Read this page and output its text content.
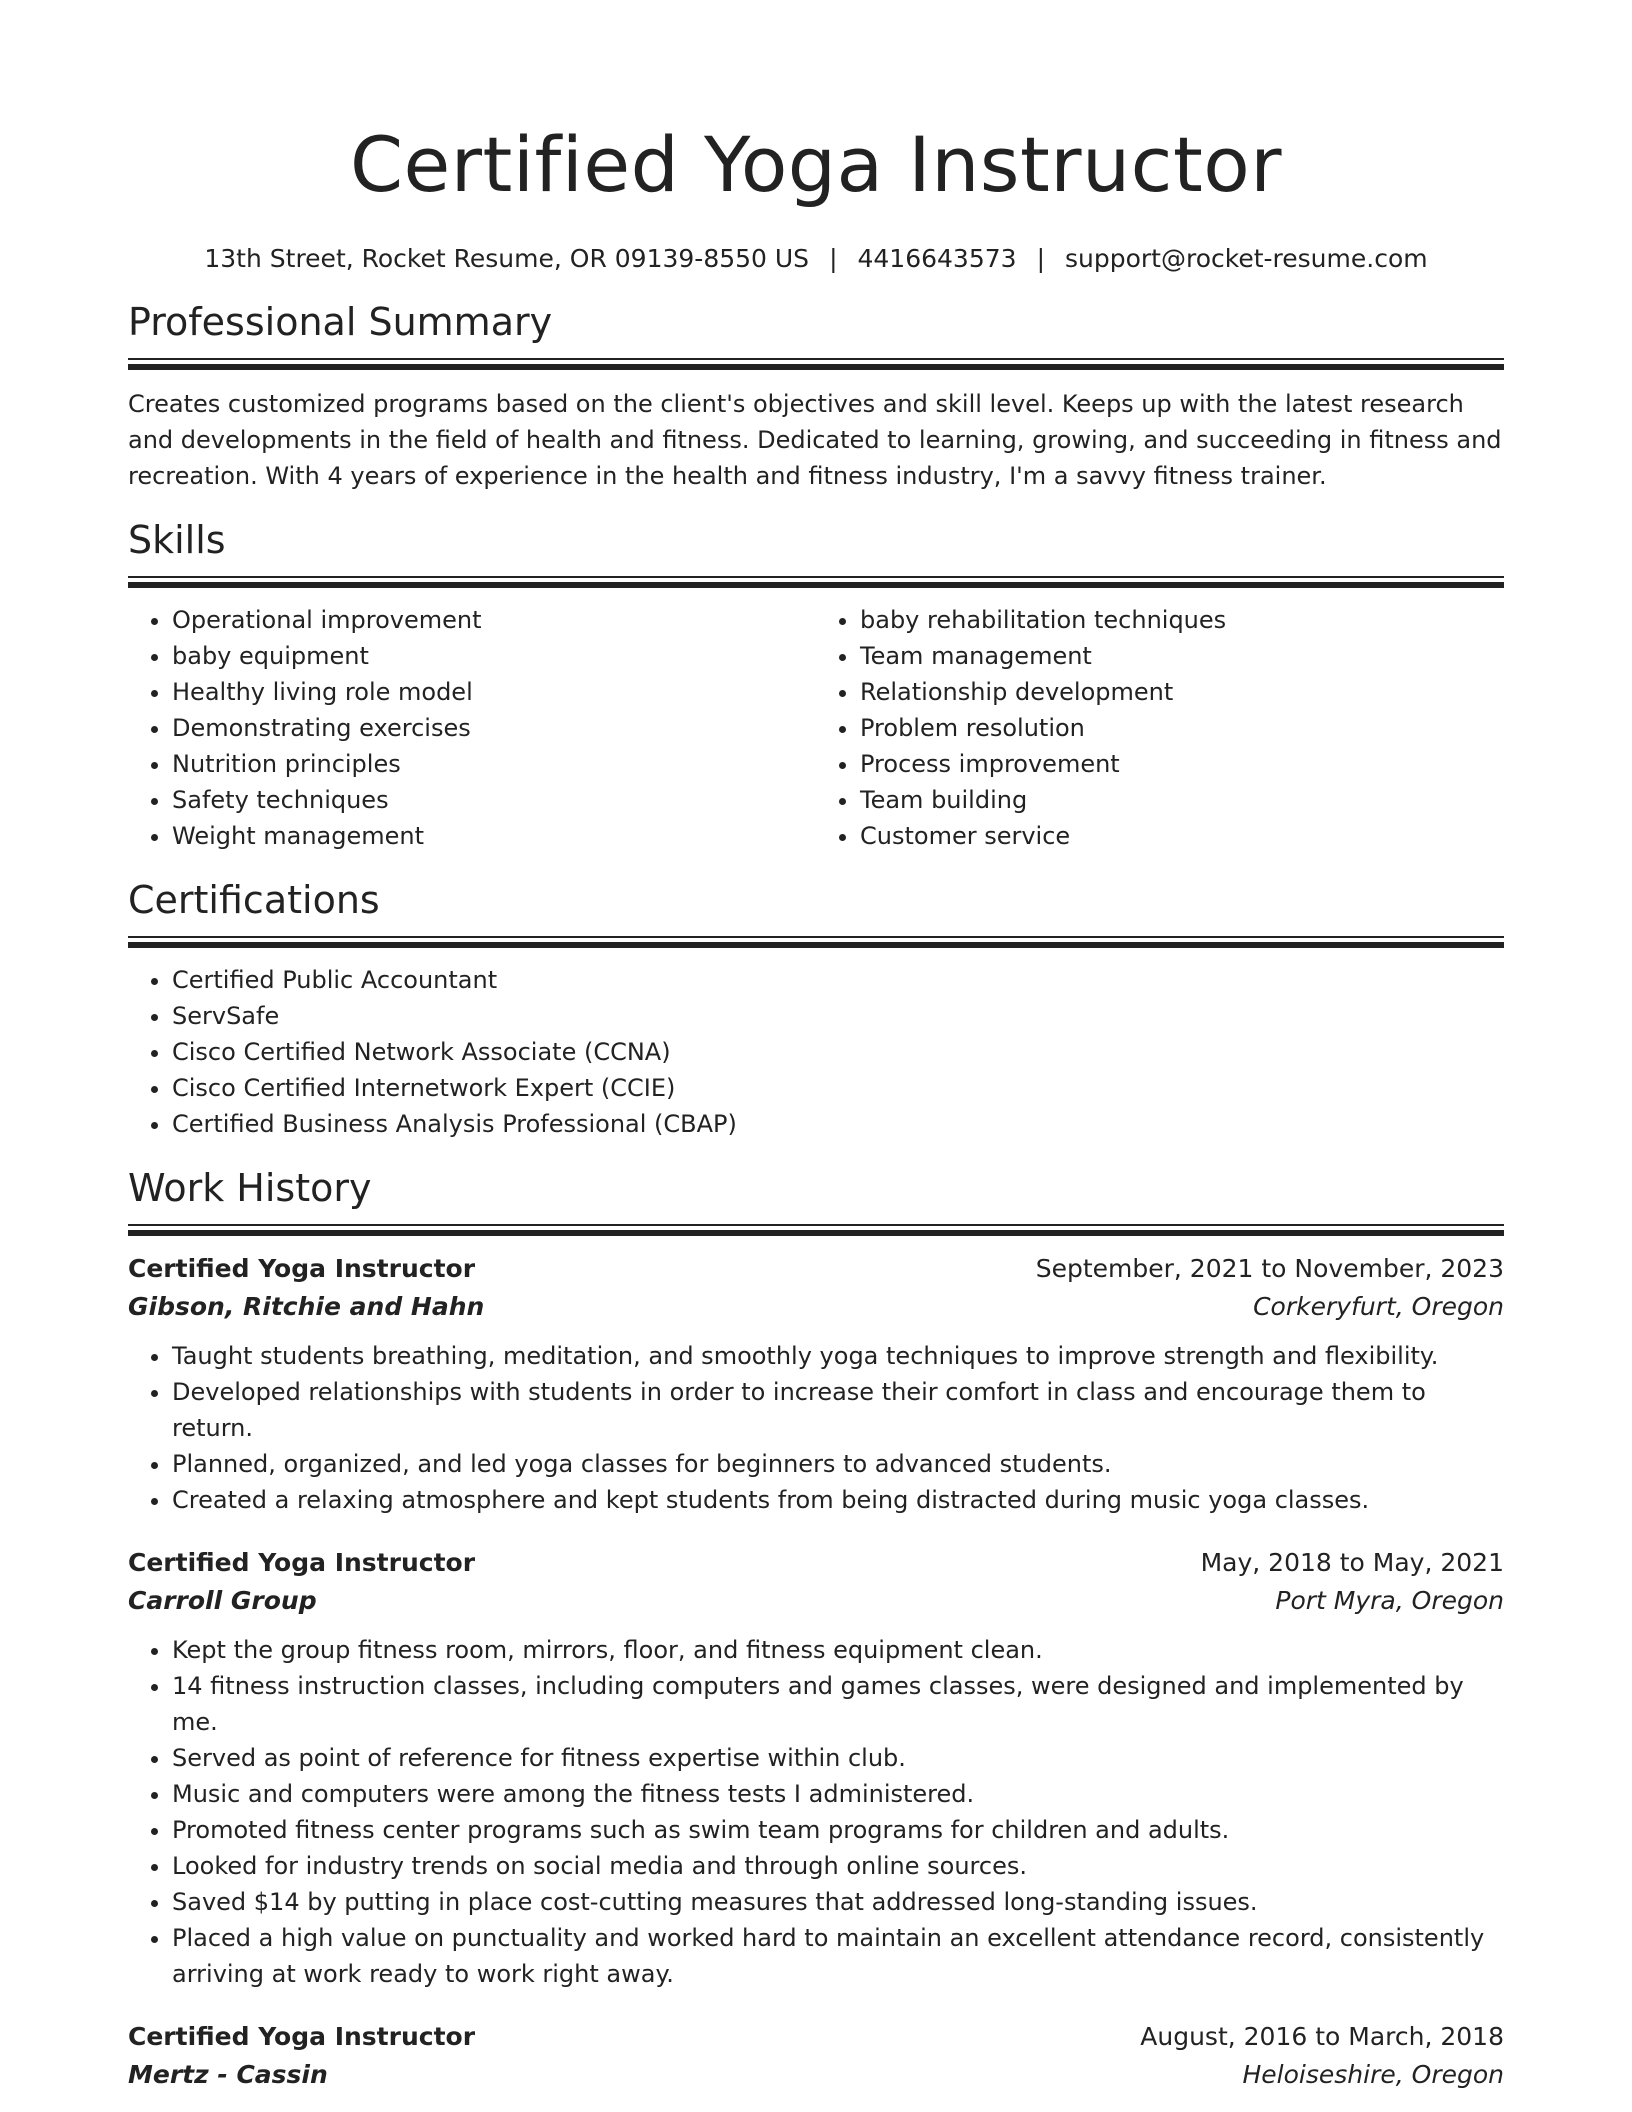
Certified Yoga Instructor
13th Street, Rocket Resume, OR 09139-8550 US | 4416643573 | support@rocket-resume.com
Professional Summary

Creates customized programs based on the client's objectives and skill level. Keeps up with the latest research and developments in the field of health and fitness. Dedicated to learning, growing, and succeeding in fitness and recreation. With 4 years of experience in the health and fitness industry, I'm a savvy fitness trainer.

Skills
• Operational improvement
• baby equipment
• Healthy living role model
• Demonstrating exercises
• Nutrition principles
• Safety techniques
• Weight management
• baby rehabilitation techniques
• Team management
• Relationship development
• Problem resolution
• Process improvement
• Team building
• Customer service
Certifications
• Certified Public Accountant
• ServSafe
• Cisco Certified Network Associate (CCNA)
• Cisco Certified Internetwork Expert (CCIE)
• Certified Business Analysis Professional (CBAP)
Work History
Certified Yoga Instructor	September, 2021 to November, 2023
Gibson, Ritchie and Hahn	Corkeryfurt, Oregon
• Taught students breathing, meditation, and smoothly yoga techniques to improve strength and flexibility.
• Developed relationships with students in order to increase their comfort in class and encourage them to return.
• Planned, organized, and led yoga classes for beginners to advanced students.
• Created a relaxing atmosphere and kept students from being distracted during music yoga classes.
Certified Yoga Instructor	May, 2018 to May, 2021
Carroll Group	Port Myra, Oregon
• Kept the group fitness room, mirrors, floor, and fitness equipment clean.
• 14 fitness instruction classes, including computers and games classes, were designed and implemented by me.
• Served as point of reference for fitness expertise within club.
• Music and computers were among the fitness tests I administered.
• Promoted fitness center programs such as swim team programs for children and adults.
• Looked for industry trends on social media and through online sources.
• Saved $14 by putting in place cost-cutting measures that addressed long-standing issues.
• Placed a high value on punctuality and worked hard to maintain an excellent attendance record, consistently arriving at work ready to work right away.
Certified Yoga Instructor	August, 2016 to March, 2018
Mertz - Cassin	Heloiseshire, Oregon
